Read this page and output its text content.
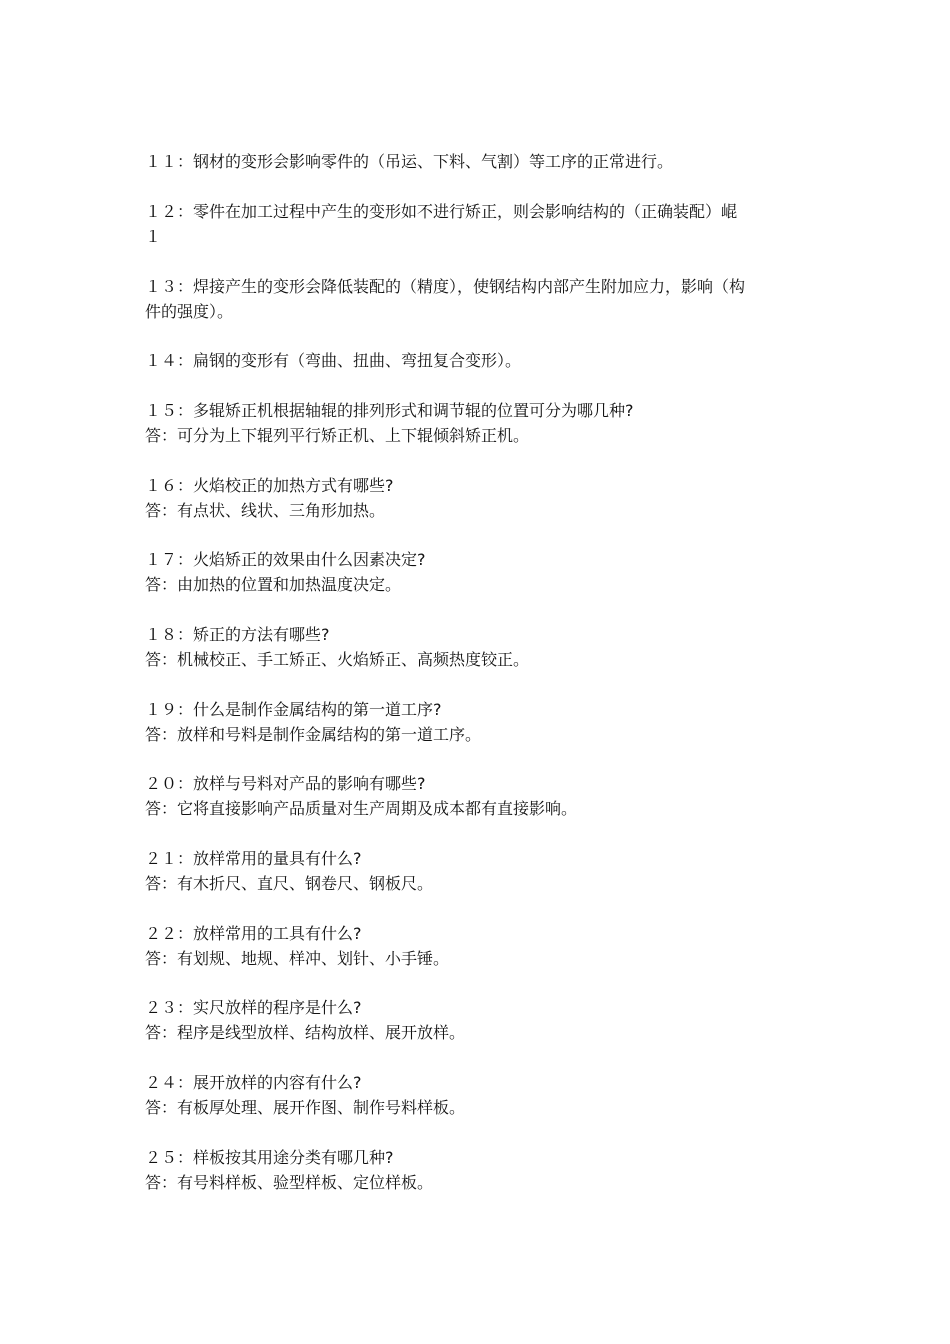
１１：钢材的变形会影响零件的（吊运、下料、气割）等工序的正常进行。
１２：零件在加工过程中产生的变形如不进行矫正，则会影响结构的（正确装配）崐
１
１３：焊接产生的变形会降低装配的（精度），使钢结构内部产生附加应力，影响（构
件的强度）。
１４：扁钢的变形有（弯曲、扭曲、弯扭复合变形）。
１５：多辊矫正机根据轴辊的排列形式和调节辊的位置可分为哪几种?
答：可分为上下辊列平行矫正机、上下辊倾斜矫正机。
１６：火焰校正的加热方式有哪些?
答：有点状、线状、三角形加热。
１７：火焰矫正的效果由什么因素决定?
答：由加热的位置和加热温度决定。
１８：矫正的方法有哪些?
答：机械校正、手工矫正、火焰矫正、高频热度铰正。
１９：什么是制作金属结构的第一道工序?
答：放样和号料是制作金属结构的第一道工序。
２０：放样与号料对产品的影响有哪些?
答：它将直接影响产品质量对生产周期及成本都有直接影响。
２１：放样常用的量具有什么?
答：有木折尺、直尺、钢卷尺、钢板尺。
２２：放样常用的工具有什么?
答：有划规、地规、样冲、划针、小手锤。
２３：实尺放样的程序是什么?
答：程序是线型放样、结构放样、展开放样。
２４：展开放样的内容有什么?
答：有板厚处理、展开作图、制作号料样板。
２５：样板按其用途分类有哪几种?
答：有号料样板、验型样板、定位样板。
